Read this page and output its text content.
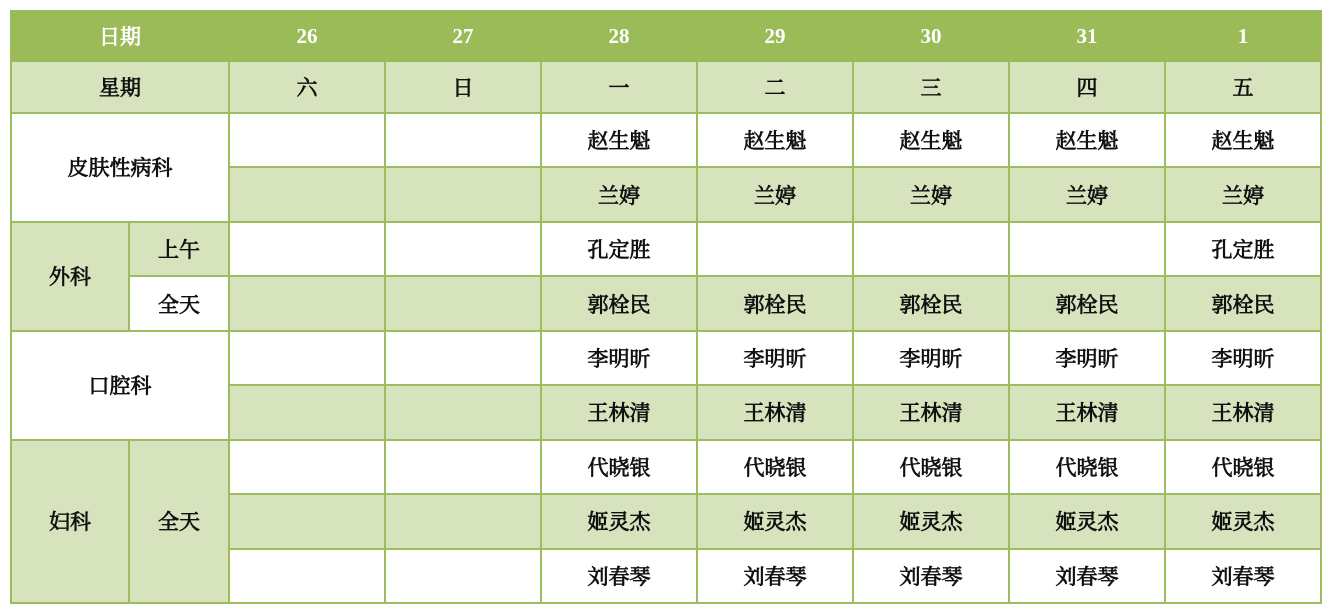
日期		26	27	28	29	30	31	1
星期		六	日	一	二	三	四	五
皮肤性病科				赵生魁	赵生魁	赵生魁	赵生魁	赵生魁
				兰婷	兰婷	兰婷	兰婷	兰婷
外科	上午			孔定胜				孔定胜
	全天			郭栓民	郭栓民	郭栓民	郭栓民	郭栓民
口腔科				李明昕	李明昕	李明昕	李明昕	李明昕
				王林清	王林清	王林清	王林清	王林清
妇科	全天			代晓银	代晓银	代晓银	代晓银	代晓银
				姬灵杰	姬灵杰	姬灵杰	姬灵杰	姬灵杰
				刘春琴	刘春琴	刘春琴	刘春琴	刘春琴
